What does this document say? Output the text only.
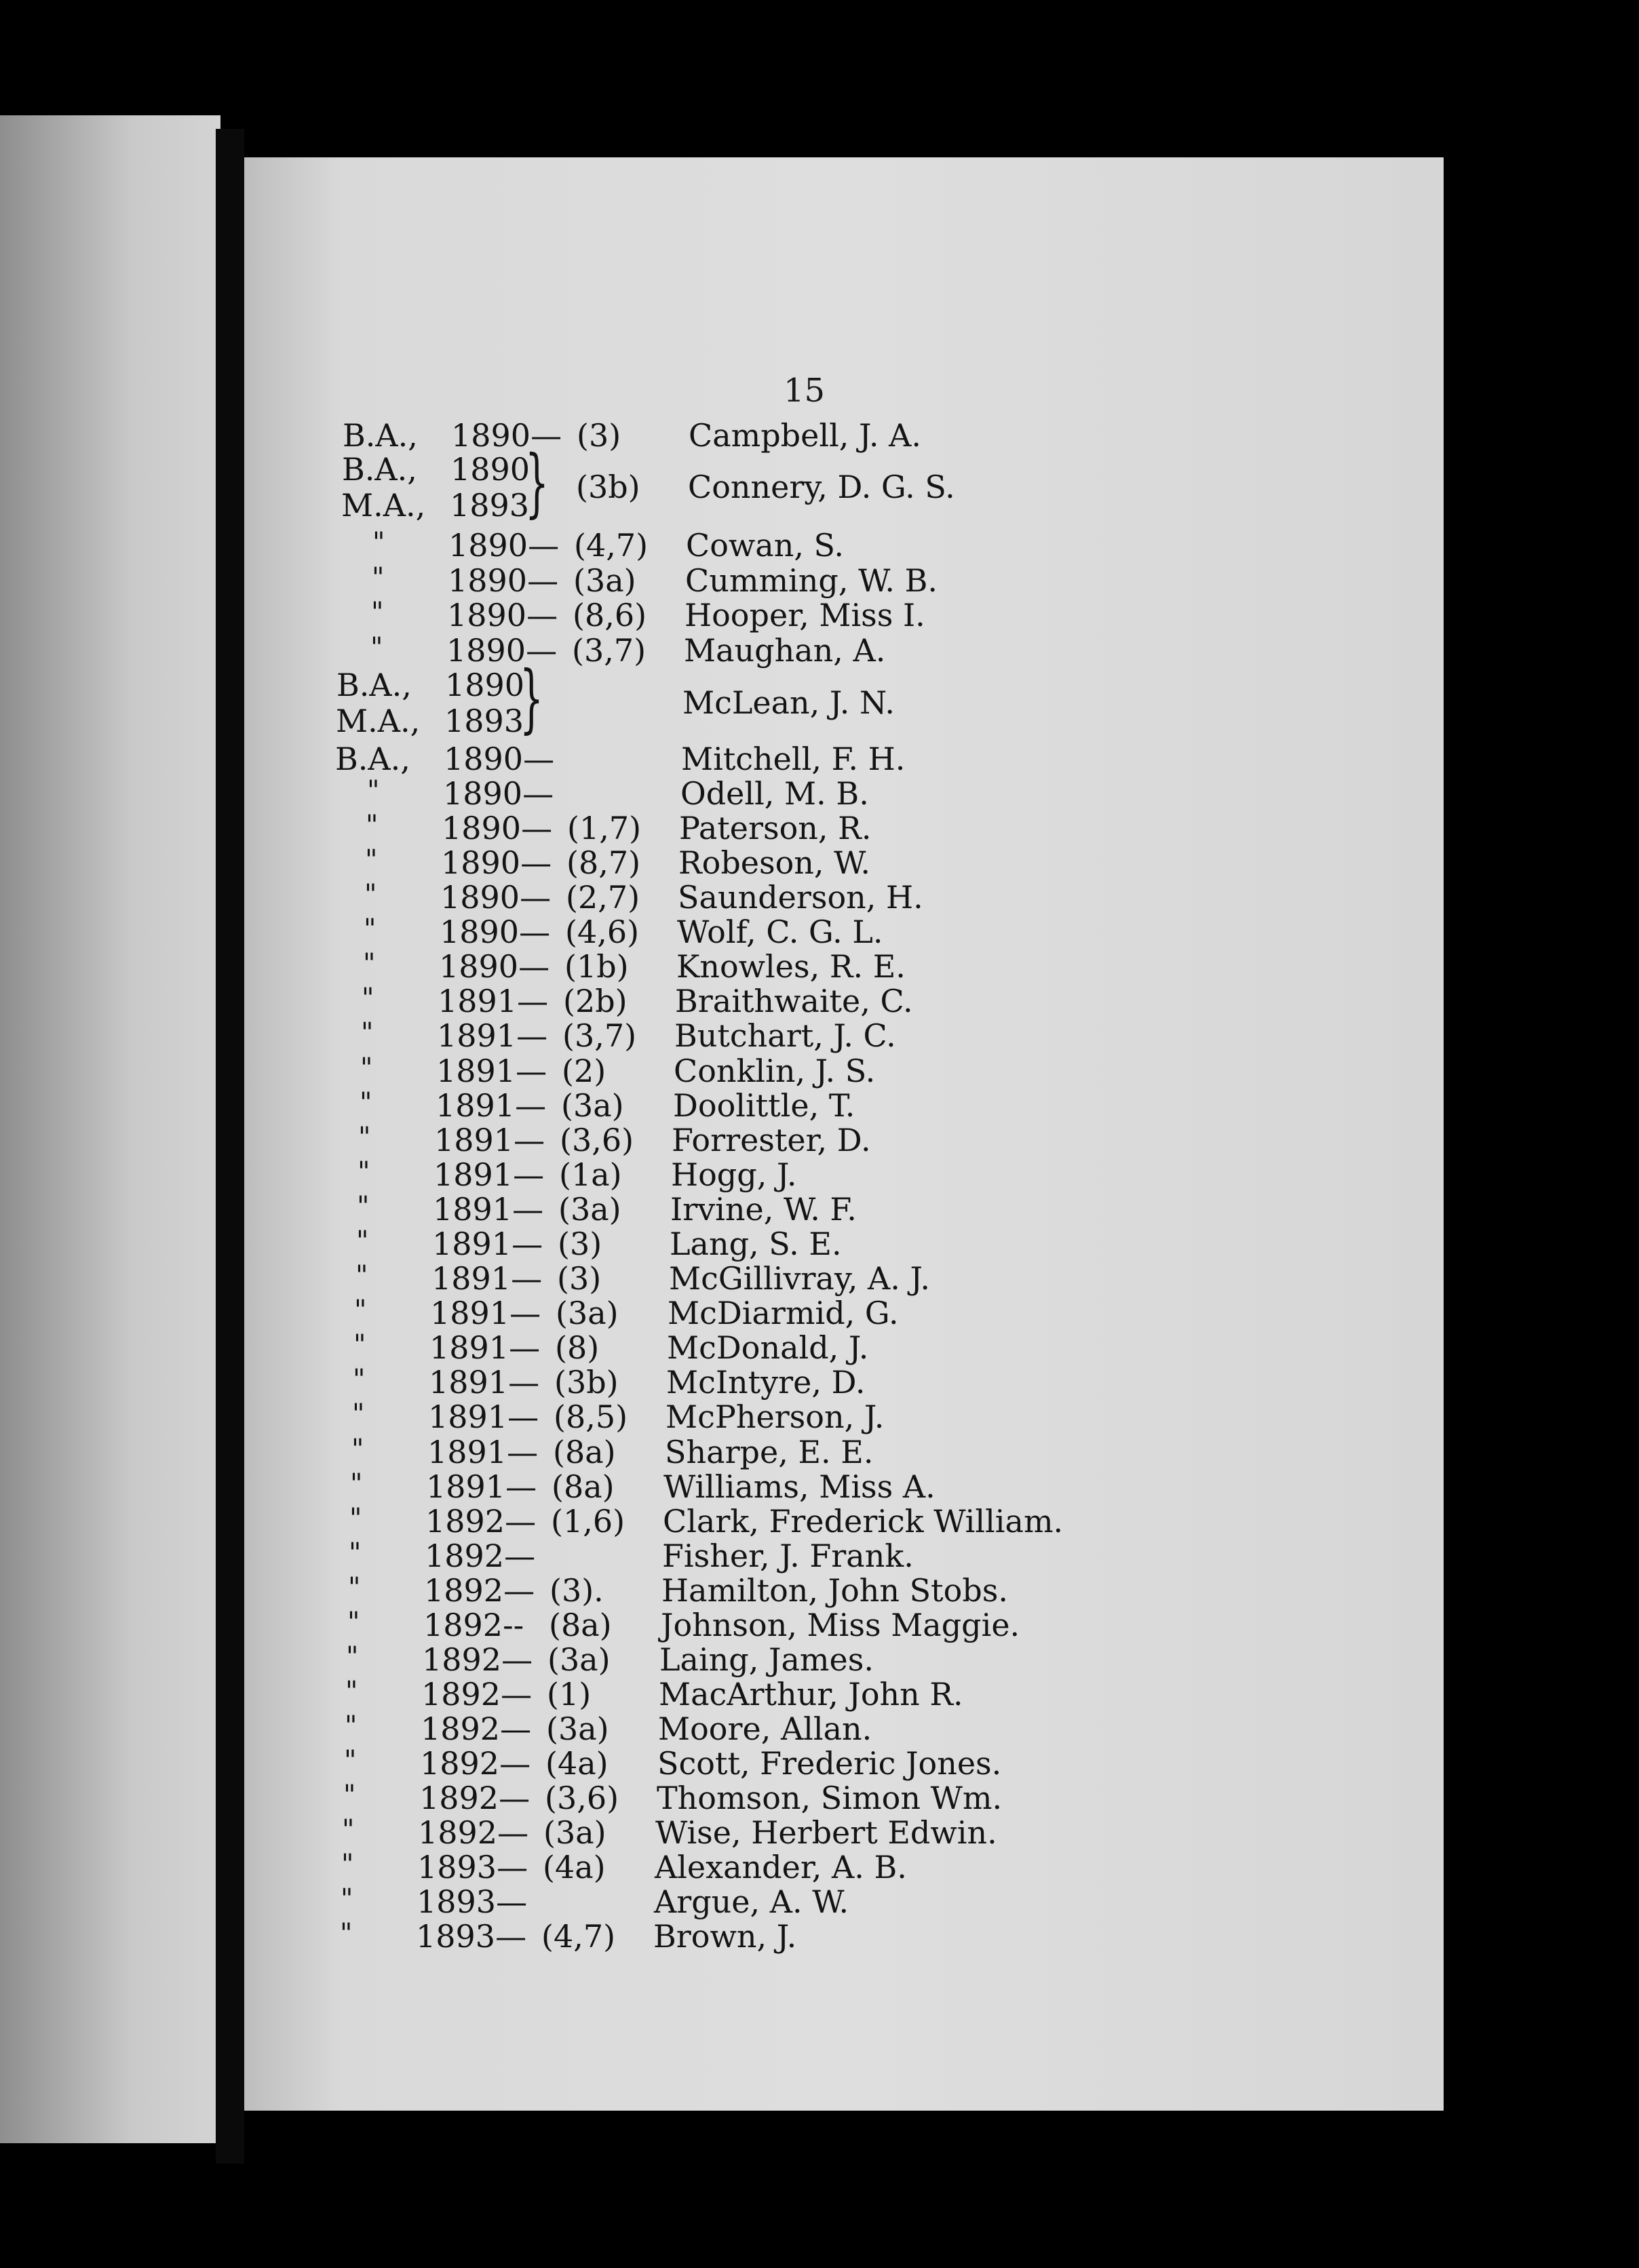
15
B.A., 1890— (3) Campbell, J. A.
B.A., 1890 (3b) Connery, D. G. S.
M.A., 1893
" 1890— (4,7) Cowan, S.
" 1890— (3a) Cumming, W. B.
" 1890— (8,6) Hooper, Miss I.
" 1890— (3,7) Maughan, A.
B.A., 1890	McLean, J. N.
M.A., 1893
B.A., 1890—	Mitchell, F. H.
" 1890—	Odell, M. B.
" 1890— (1,7) Paterson, R.
" 1890— (8,7) Robeson, W.
" 1890— (2,7) Saunderson, H.
" 1890— (4,6) Wolf, C. G. L.
" 1890— (1b) Knowles, R. E.
" 1891— (2b) Braithwaite, C.
" 1891— (3,7) Butchart, J. C.
" 1891— (2) Conklin, J. S.
" 1891— (3a) Doolittle, T.
" 1891— (3,6) Forrester, D.
" 1891— (1a) Hogg, J.
" 1891— (3a) Irvine, W. F.
" 1891— (3) Lang, S. E.
" 1891— (3) McGillivray, A. J.
" 1891— (3a) McDiarmid, G.
" 1891— (8) McDonald, J.
" 1891— (3b) McIntyre, D.
" 1891— (8,5) McPherson, J.
" 1891— (8a) Sharpe, E. E.
" 1891— (8a) Williams, Miss A.
" 1892— (1,6) Clark, Frederick William.
" 1892—	Fisher, J. Frank.
" 1892— (3). Hamilton, John Stobs.
" 1892-- (8a) Johnson, Miss Maggie.
" 1892— (3a) Laing, James.
" 1892— (1) MacArthur, John R.
" 1892— (3a) Moore, Allan.
" 1892— (4a) Scott, Frederic Jones.
" 1892— (3,6) Thomson, Simon Wm.
" 1892— (3a) Wise, Herbert Edwin.
" 1893— (4a) Alexander, A. B.
" 1893—	Argue, A. W.
" 1893— (4,7) Brown, J.
}
}
